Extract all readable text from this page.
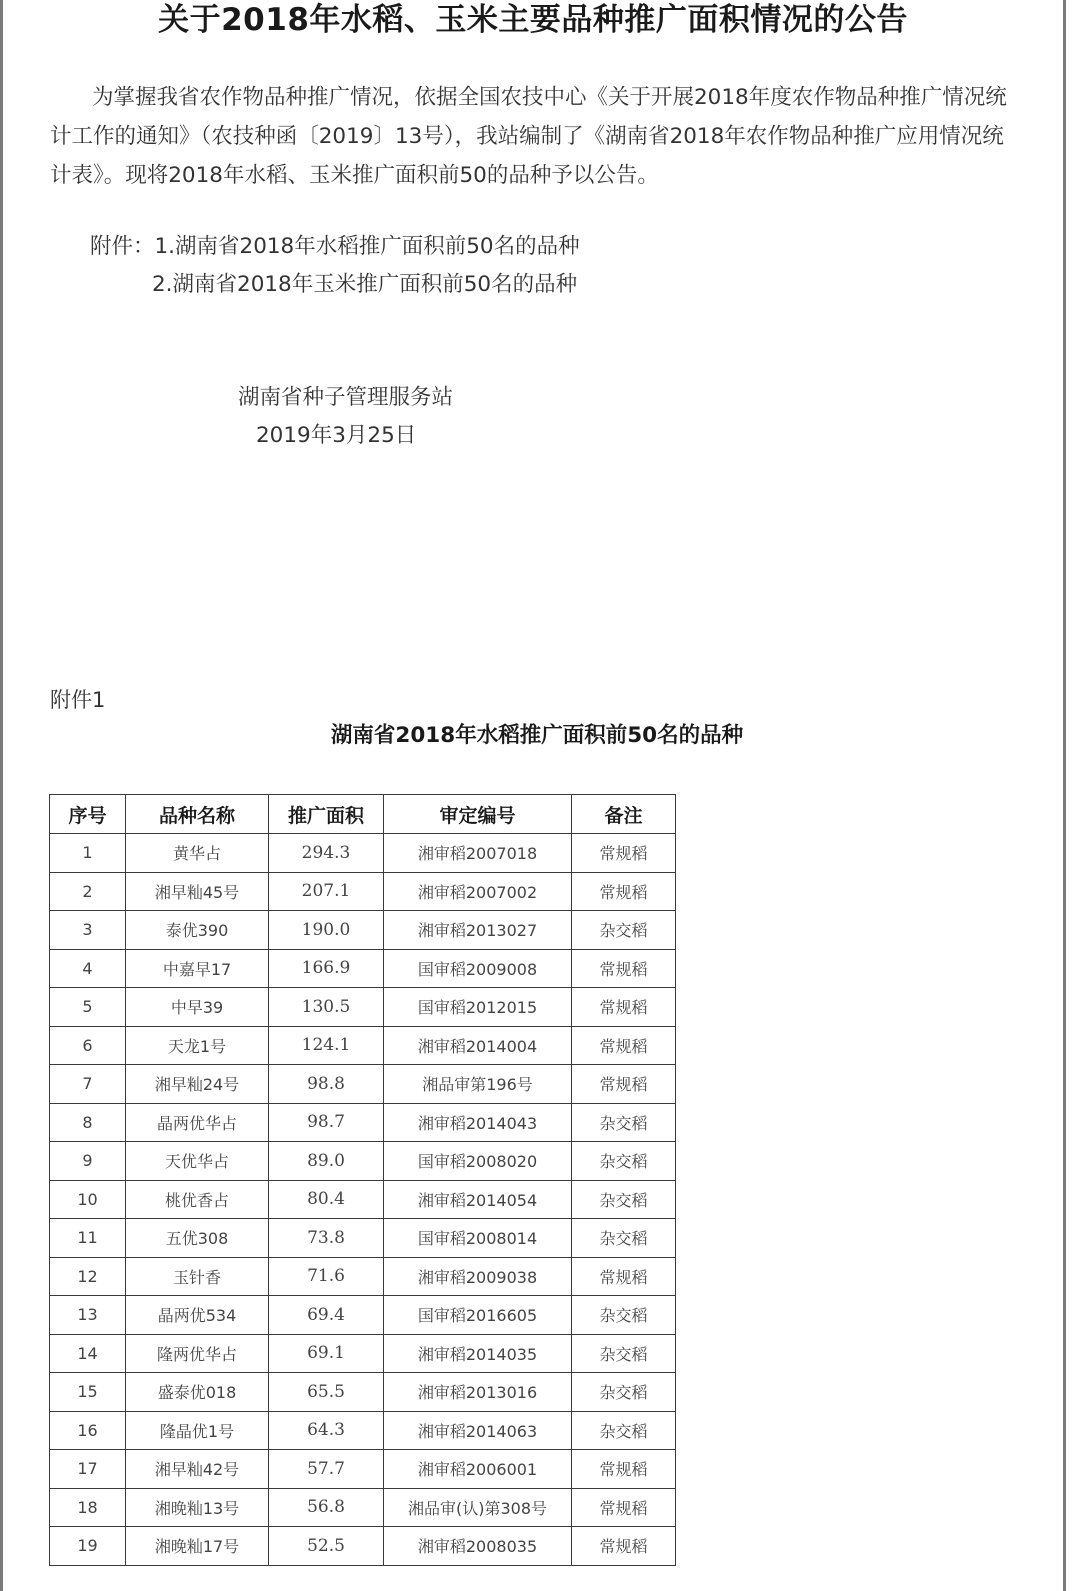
关于2018年水稻、玉米主要品种推广面积情况的公告

为掌握我省农作物品种推广情况，依据全国农技中心《关于开展2018年度农作物品种推广情况统计工作的通知》（农技种函〔2019〕13号），我站编制了《湖南省2018年农作物品种推广应用情况统计表》。现将2018年水稻、玉米推广面积前50的品种予以公告。

附件：1.湖南省2018年水稻推广面积前50名的品种
2.湖南省2018年玉米推广面积前50名的品种
湖南省种子管理服务站
2019年3月25日
附件1
湖南省2018年水稻推广面积前50名的品种
序号	品种名称	推广面积	审定编号	备注
1	黄华占	294.3	湘审稻2007018	常规稻
2	湘早籼45号	207.1	湘审稻2007002	常规稻
3	泰优390	190.0	湘审稻2013027	杂交稻
4	中嘉早17	166.9	国审稻2009008	常规稻
5	中早39	130.5	国审稻2012015	常规稻
6	天龙1号	124.1	湘审稻2014004	常规稻
7	湘早籼24号	98.8	湘品审第196号	常规稻
8	晶两优华占	98.7	湘审稻2014043	杂交稻
9	天优华占	89.0	国审稻2008020	杂交稻
10	桃优香占	80.4	湘审稻2014054	杂交稻
11	五优308	73.8	国审稻2008014	杂交稻
12	玉针香	71.6	湘审稻2009038	常规稻
13	晶两优534	69.4	国审稻2016605	杂交稻
14	隆两优华占	69.1	湘审稻2014035	杂交稻
15	盛泰优018	65.5	湘审稻2013016	杂交稻
16	隆晶优1号	64.3	湘审稻2014063	杂交稻
17	湘早籼42号	57.7	湘审稻2006001	常规稻
18	湘晚籼13号	56.8	湘品审(认)第308号	常规稻
19	湘晚籼17号	52.5	湘审稻2008035	常规稻
